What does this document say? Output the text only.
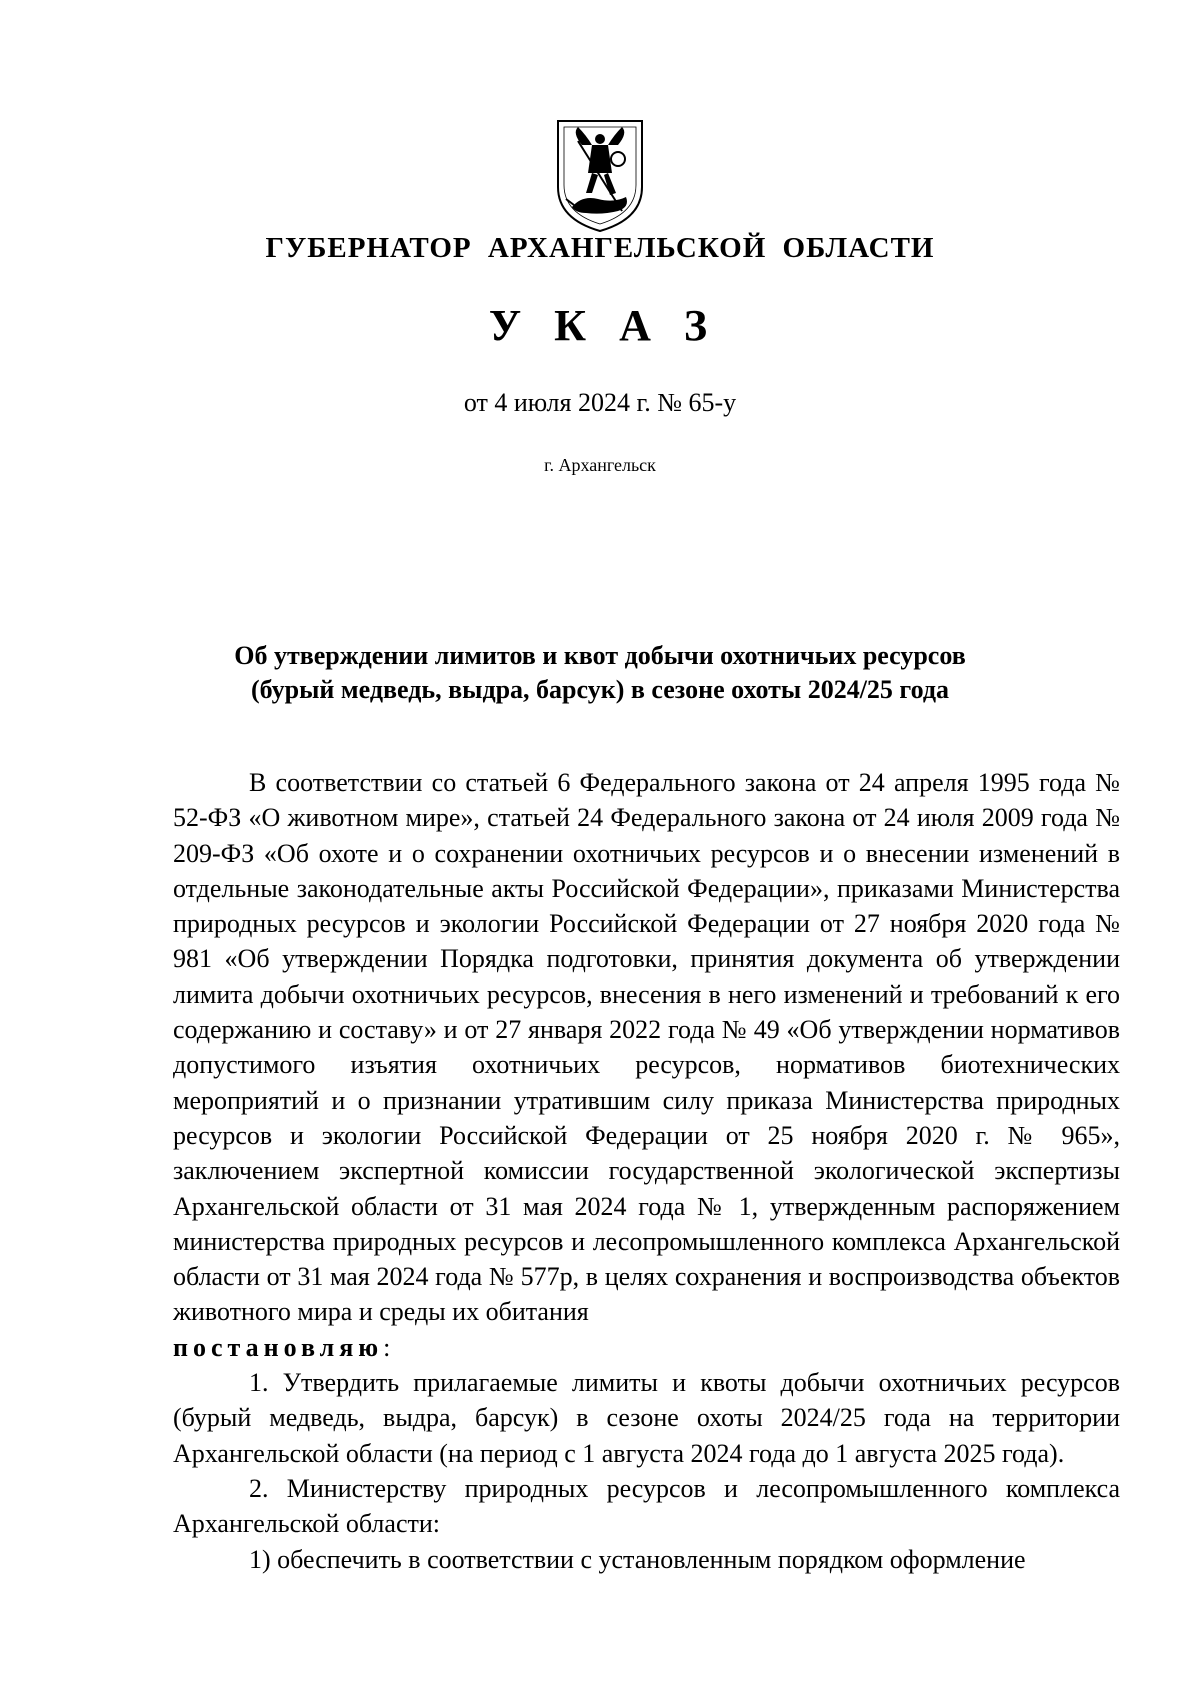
ГУБЕРНАТОР АРХАНГЕЛЬСКОЙ ОБЛАСТИ
У К А З
от 4 июля 2024 г. № 65-у
г. Архангельск
Об утверждении лимитов и квот добычи охотничьих ресурсов
(бурый медведь, выдра, барсук) в сезоне охоты 2024/25 года

В соответствии со статьей 6 Федерального закона от 24 апреля 1995 года № 52-ФЗ «О животном мире», статьей 24 Федерального закона от 24 июля 2009 года № 209-ФЗ «Об охоте и о сохранении охотничьих ресурсов и о внесении изменений в отдельные законодательные акты Российской Федерации», приказами Министерства природных ресурсов и экологии Российской Федерации от 27 ноября 2020 года № 981 «Об утверждении Порядка подготовки, принятия документа об утверждении лимита добычи охотничьих ресурсов, внесения в него изменений и требований к его содержанию и составу» и от 27 января 2022 года № 49 «Об утверждении нормативов допустимого изъятия охотничьих ресурсов, нормативов биотехнических мероприятий и о признании утратившим силу приказа Министерства природных ресурсов и экологии Российской Федерации от 25 ноября 2020 г. № 965», заключением экспертной комиссии государственной экологической экспертизы Архангельской области от 31 мая 2024 года № 1, утвержденным распоряжением министерства природных ресурсов и лесопромышленного комплекса Архангельской области от 31 мая 2024 года № 577р, в целях сохранения и воспроизводства объектов животного мира и среды их обитания
постановляю:

1. Утвердить прилагаемые лимиты и квоты добычи охотничьих ресурсов (бурый медведь, выдра, барсук) в сезоне охоты 2024/25 года на территории Архангельской области (на период с 1 августа 2024 года до 1 августа 2025 года).

2. Министерству природных ресурсов и лесопромышленного комплекса Архангельской области:

1) обеспечить в соответствии с установленным порядком оформление
